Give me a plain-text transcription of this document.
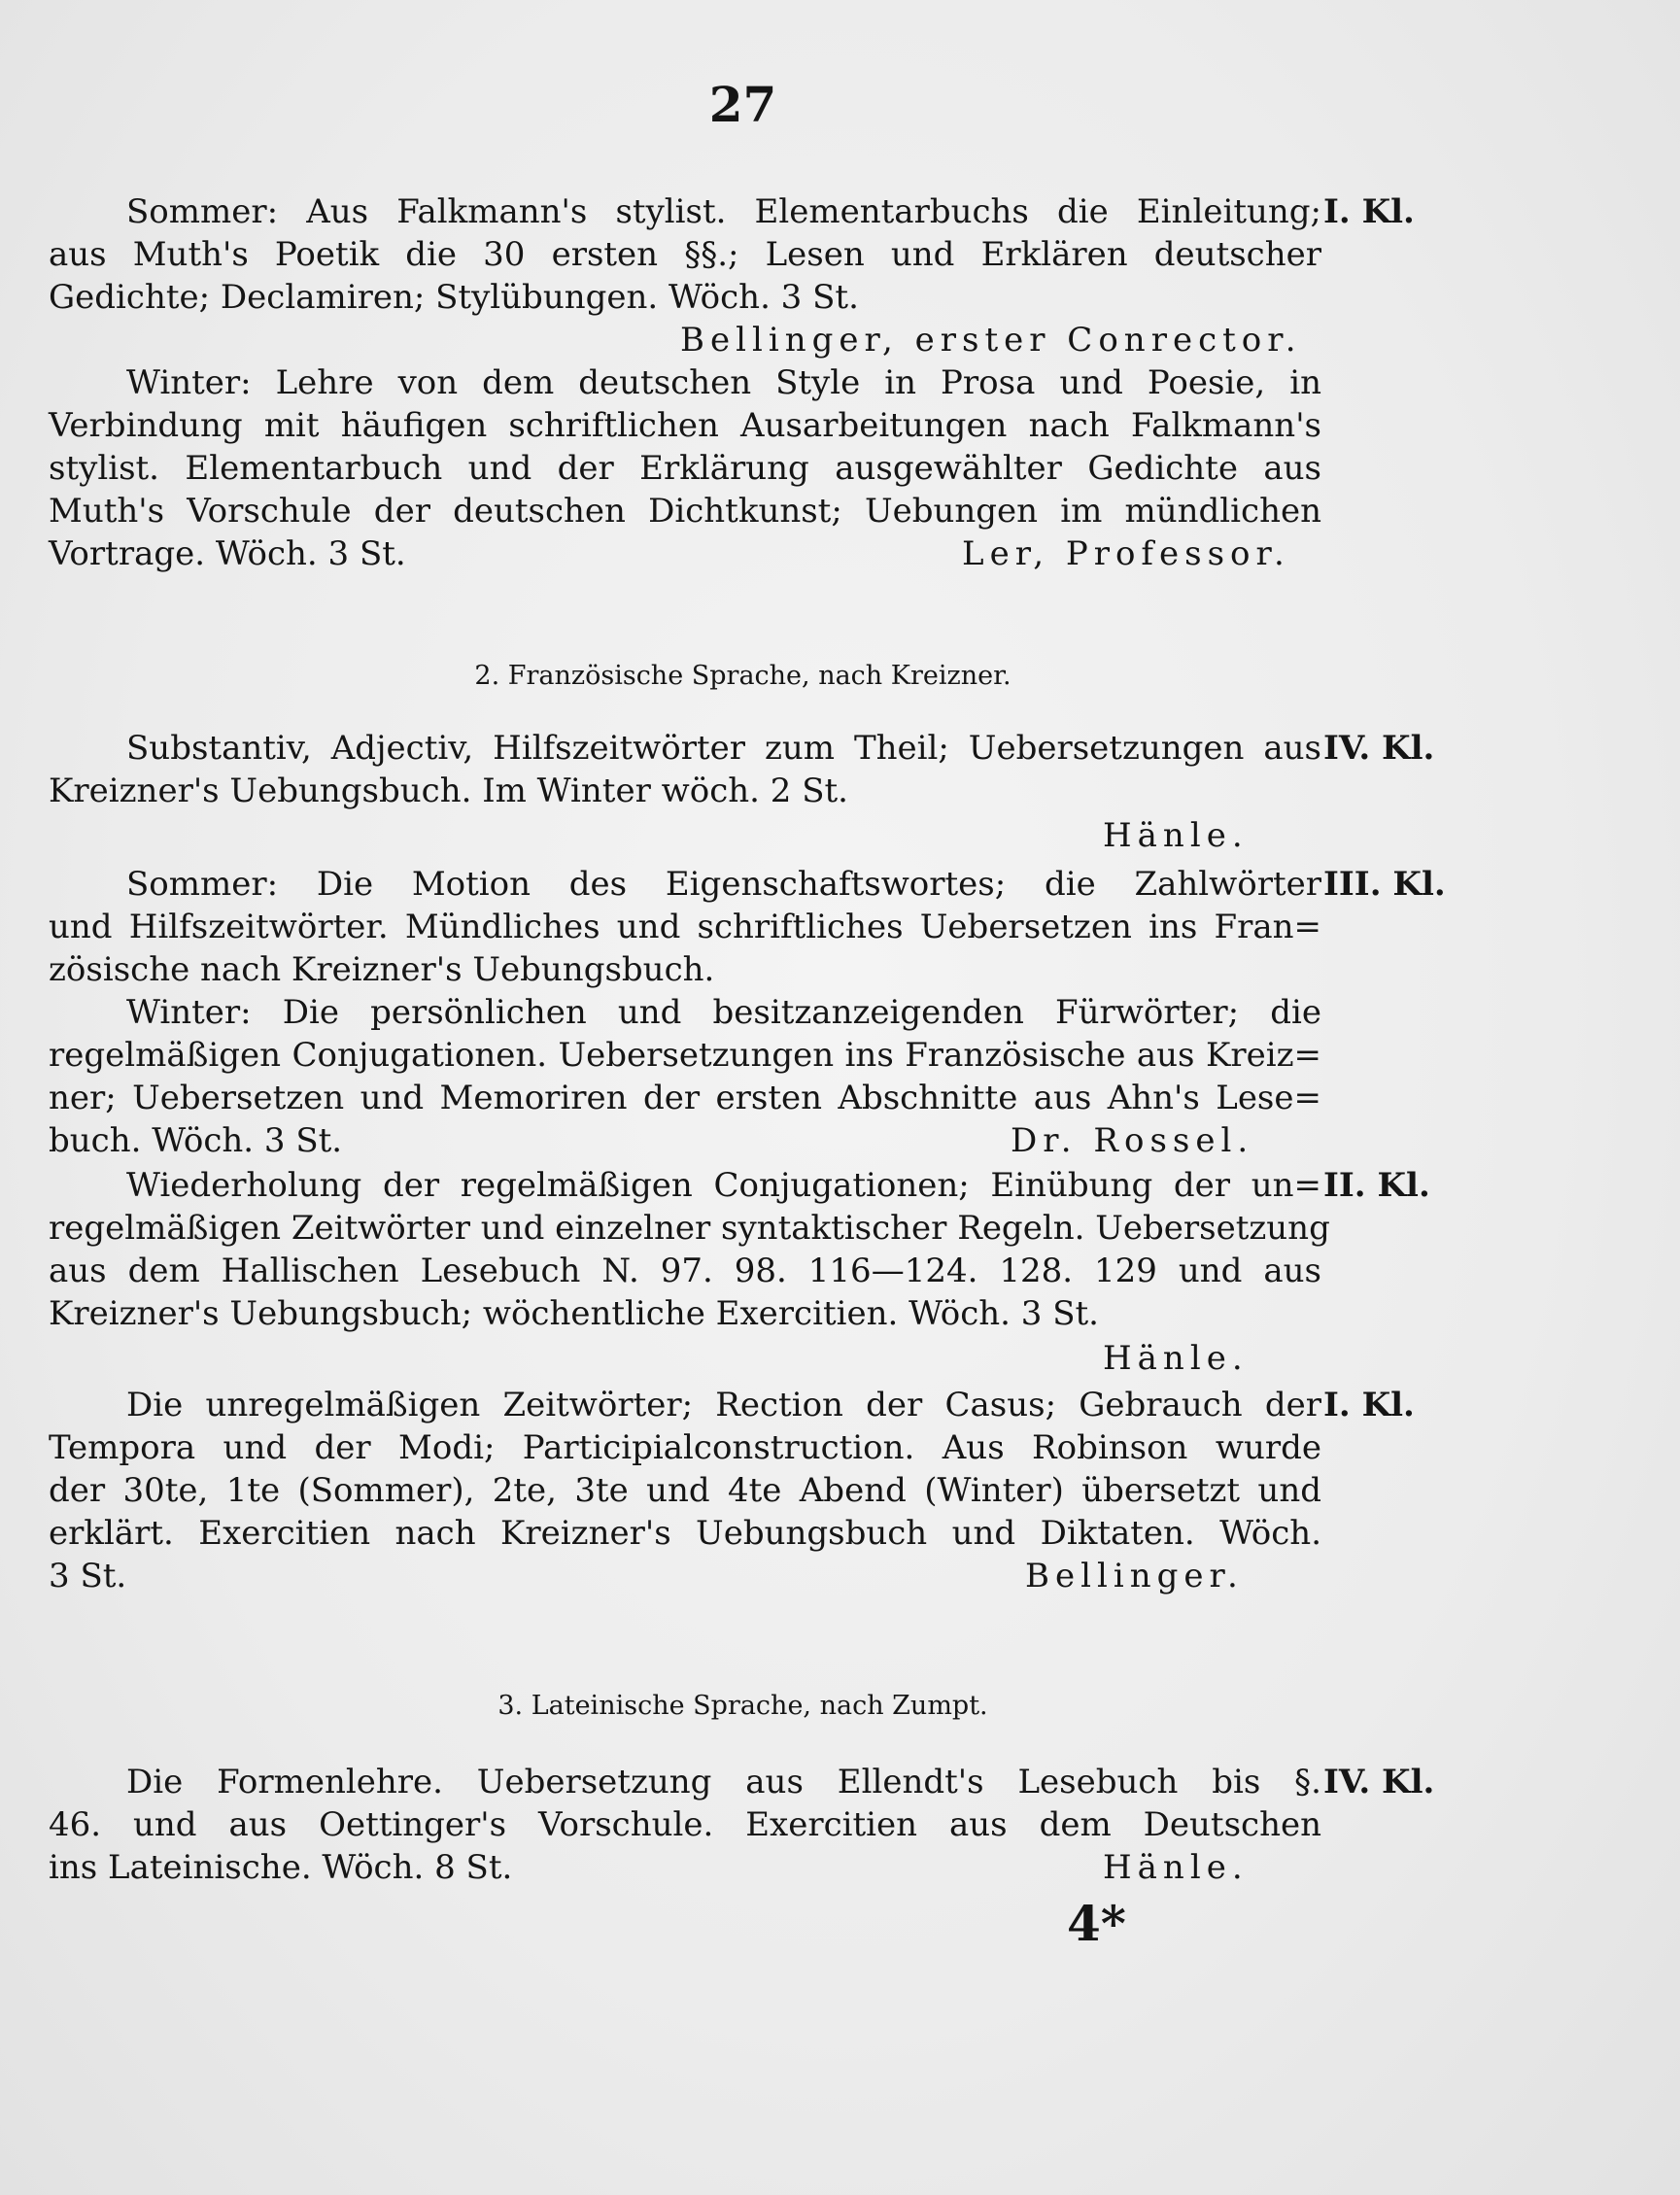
27
Sommer: Aus Falkmann's stylist. Elementarbuchs die Einleitung; I. Kl.
aus Muth's Poetik die 30 ersten §§.; Lesen und Erklären deutscher
Gedichte; Declamiren; Stylübungen. Wöch. 3 St.
Bellinger, erster Conrector.
Winter: Lehre von dem deutschen Style in Prosa und Poesie, in
Verbindung mit häufigen schriftlichen Ausarbeitungen nach Falkmann's
stylist. Elementarbuch und der Erklärung ausgewählter Gedichte aus
Muth's Vorschule der deutschen Dichtkunst; Uebungen im mündlichen
Vortrage. Wöch. 3 St.	Ler, Professor.
2. Französische Sprache, nach Kreizner.
Substantiv, Adjectiv, Hilfszeitwörter zum Theil; Uebersetzungen aus IV. Kl.
Kreizner's Uebungsbuch. Im Winter wöch. 2 St.
Hänle.
Sommer: Die Motion des Eigenschaftswortes; die Zahlwörter III. Kl.
und Hilfszeitwörter. Mündliches und schriftliches Uebersetzen ins Fran=
zösische nach Kreizner's Uebungsbuch.
Winter: Die persönlichen und besitzanzeigenden Fürwörter; die
regelmäßigen Conjugationen. Uebersetzungen ins Französische aus Kreiz=
ner; Uebersetzen und Memoriren der ersten Abschnitte aus Ahn's Lese=
buch. Wöch. 3 St.	Dr. Rossel.
Wiederholung der regelmäßigen Conjugationen; Einübung der un= II. Kl.
regelmäßigen Zeitwörter und einzelner syntaktischer Regeln. Uebersetzung
aus dem Hallischen Lesebuch N. 97. 98. 116—124. 128. 129 und aus
Kreizner's Uebungsbuch; wöchentliche Exercitien. Wöch. 3 St.
Hänle.
Die unregelmäßigen Zeitwörter; Rection der Casus; Gebrauch der I. Kl.
Tempora und der Modi; Participialconstruction. Aus Robinson wurde
der 30te, 1te (Sommer), 2te, 3te und 4te Abend (Winter) übersetzt und
erklärt. Exercitien nach Kreizner's Uebungsbuch und Diktaten. Wöch.
3 St.	Bellinger.
3. Lateinische Sprache, nach Zumpt.
Die Formenlehre. Uebersetzung aus Ellendt's Lesebuch bis §. IV. Kl.
46. und aus Oettinger's Vorschule. Exercitien aus dem Deutschen
ins Lateinische. Wöch. 8 St.	Hänle.
4*
